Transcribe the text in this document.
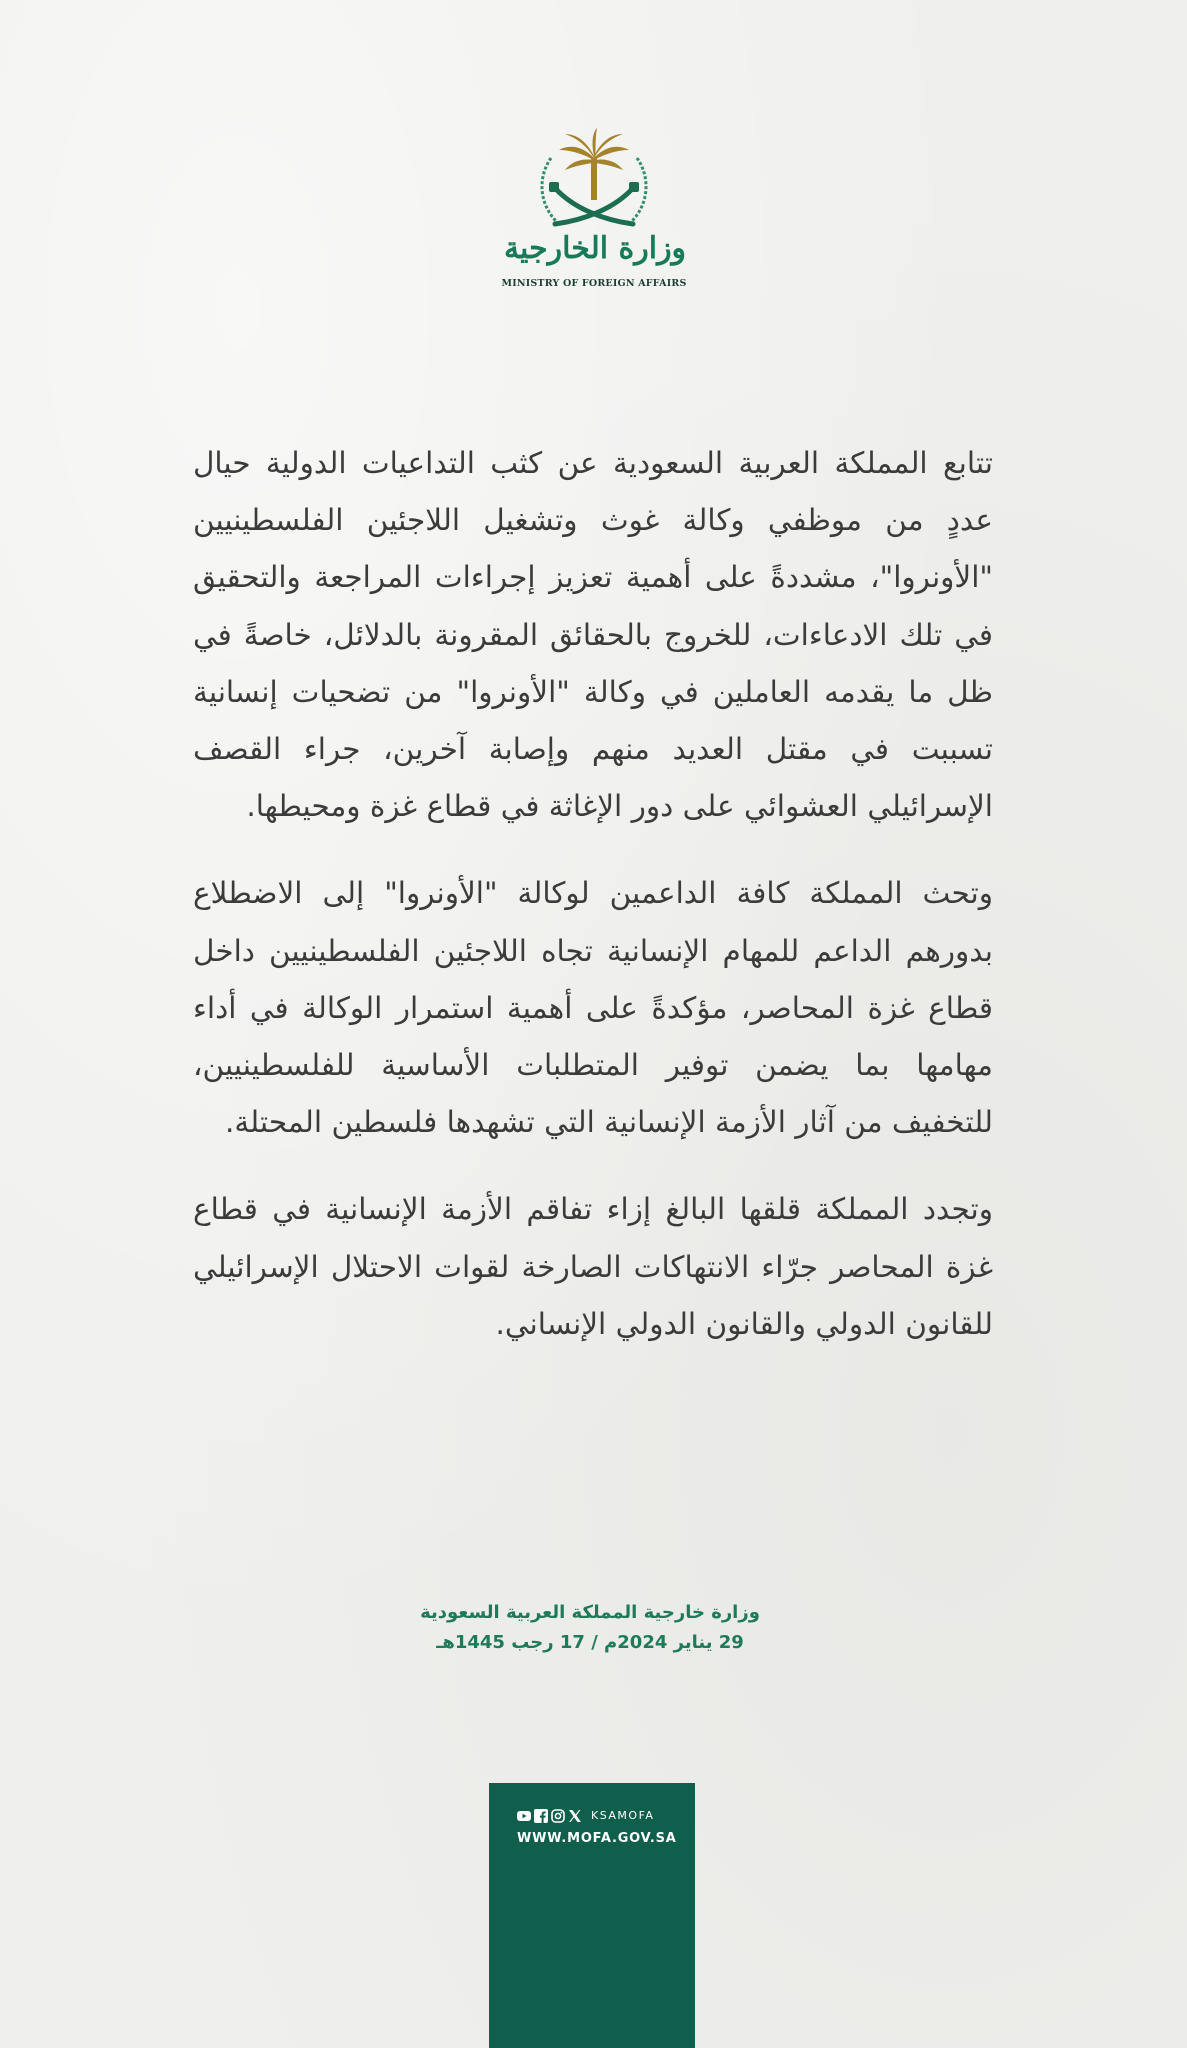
وزارة الخارجية
MINISTRY OF FOREIGN AFFAIRS

تتابع المملكة العربية السعودية عن كثب التداعيات الدولية حيال عددٍ من موظفي وكالة غوث وتشغيل اللاجئين الفلسطينيين "الأونروا"، مشددةً على أهمية تعزيز إجراءات المراجعة والتحقيق في تلك الادعاءات، للخروج بالحقائق المقرونة بالدلائل، خاصةً في ظل ما يقدمه العاملين في وكالة "الأونروا" من تضحيات إنسانية تسببت في مقتل العديد منهم وإصابة آخرين، جراء القصف الإسرائيلي العشوائي على دور الإغاثة في قطاع غزة ومحيطها.

وتحث المملكة كافة الداعمين لوكالة "الأونروا" إلى الاضطلاع بدورهم الداعم للمهام الإنسانية تجاه اللاجئين الفلسطينيين داخل قطاع غزة المحاصر، مؤكدةً على أهمية استمرار الوكالة في أداء مهامها بما يضمن توفير المتطلبات الأساسية للفلسطينيين، للتخفيف من آثار الأزمة الإنسانية التي تشهدها فلسطين المحتلة.

وتجدد المملكة قلقها البالغ إزاء تفاقم الأزمة الإنسانية في قطاع غزة المحاصر جرّاء الانتهاكات الصارخة لقوات الاحتلال الإسرائيلي للقانون الدولي والقانون الدولي الإنساني.

وزارة خارجية المملكة العربية السعودية
29 يناير 2024م / 17 رجب 1445هـ
KSAMOFA
WWW.MOFA.GOV.SA
